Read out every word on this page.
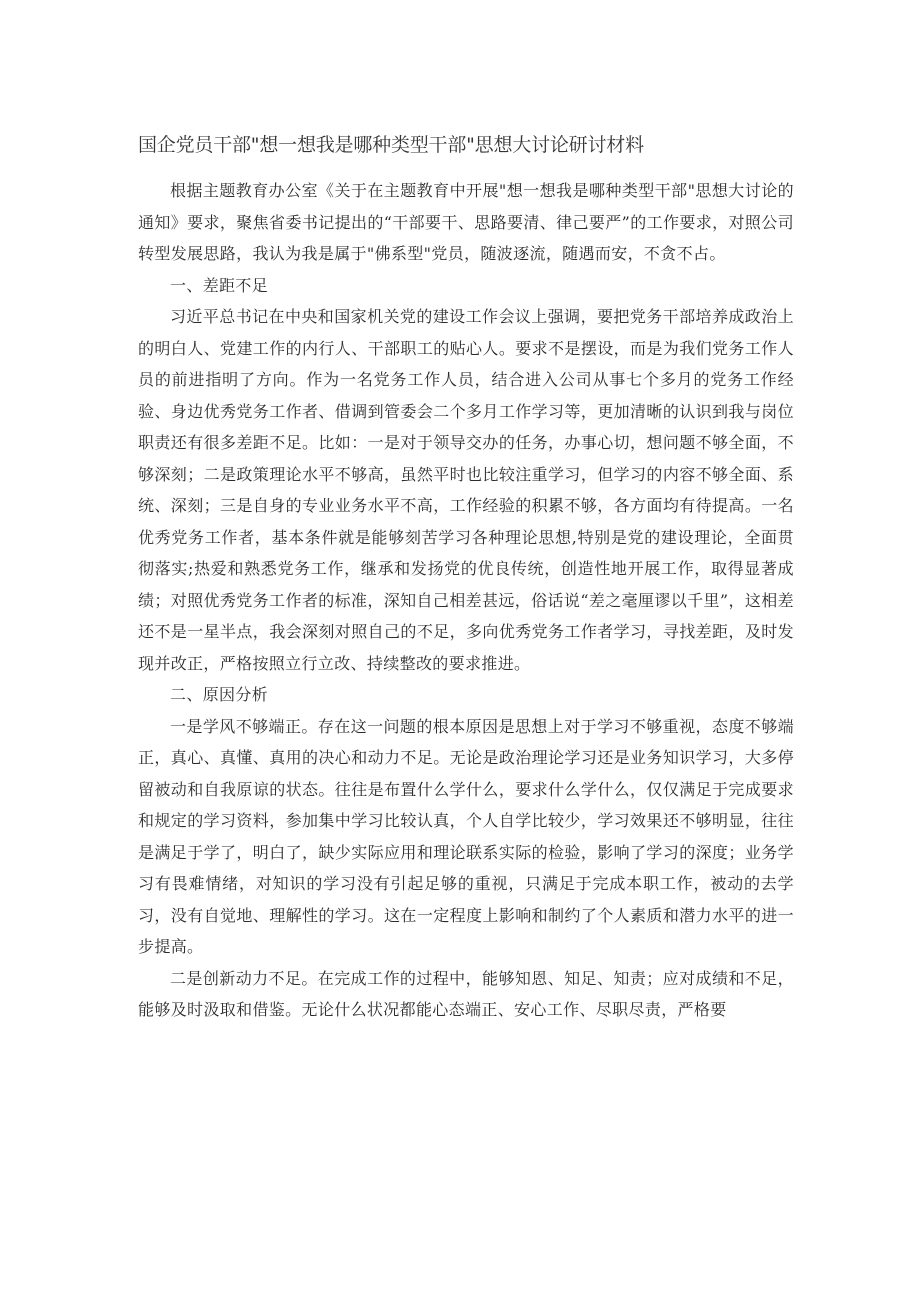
国企党员干部"想一想我是哪种类型干部"思想大讨论研讨材料

根据主题教育办公室《关于在主题教育中开展"想一想我是哪种类型干部"思想大讨论的通知》要求，聚焦省委书记提出的“干部要干、思路要清、律己要严”的工作要求，对照公司转型发展思路，我认为我是属于"佛系型"党员，随波逐流，随遇而安，不贪不占。

一、差距不足

习近平总书记在中央和国家机关党的建设工作会议上强调，要把党务干部培养成政治上的明白人、党建工作的内行人、干部职工的贴心人。要求不是摆设，而是为我们党务工作人员的前进指明了方向。作为一名党务工作人员，结合进入公司从事七个多月的党务工作经验、身边优秀党务工作者、借调到管委会二个多月工作学习等，更加清晰的认识到我与岗位职责还有很多差距不足。比如：一是对于领导交办的任务，办事心切，想问题不够全面，不够深刻；二是政策理论水平不够高，虽然平时也比较注重学习，但学习的内容不够全面、系统、深刻；三是自身的专业业务水平不高，工作经验的积累不够，各方面均有待提高。一名优秀党务工作者，基本条件就是能够刻苦学习各种理论思想,特别是党的建设理论，全面贯彻落实;热爱和熟悉党务工作，继承和发扬党的优良传统，创造性地开展工作，取得显著成绩；对照优秀党务工作者的标准，深知自己相差甚远，俗话说“差之毫厘谬以千里”，这相差还不是一星半点，我会深刻对照自己的不足，多向优秀党务工作者学习，寻找差距，及时发现并改正，严格按照立行立改、持续整改的要求推进。

二、原因分析

一是学风不够端正。存在这一问题的根本原因是思想上对于学习不够重视，态度不够端正，真心、真懂、真用的决心和动力不足。无论是政治理论学习还是业务知识学习，大多停留被动和自我原谅的状态。往往是布置什么学什么，要求什么学什么，仅仅满足于完成要求和规定的学习资料，参加集中学习比较认真，个人自学比较少，学习效果还不够明显，往往是满足于学了，明白了，缺少实际应用和理论联系实际的检验，影响了学习的深度；业务学习有畏难情绪，对知识的学习没有引起足够的重视，只满足于完成本职工作，被动的去学习，没有自觉地、理解性的学习。这在一定程度上影响和制约了个人素质和潜力水平的进一步提高。

二是创新动力不足。在完成工作的过程中，能够知恩、知足、知责；应对成绩和不足，能够及时汲取和借鉴。无论什么状况都能心态端正、安心工作、尽职尽责，严格要
